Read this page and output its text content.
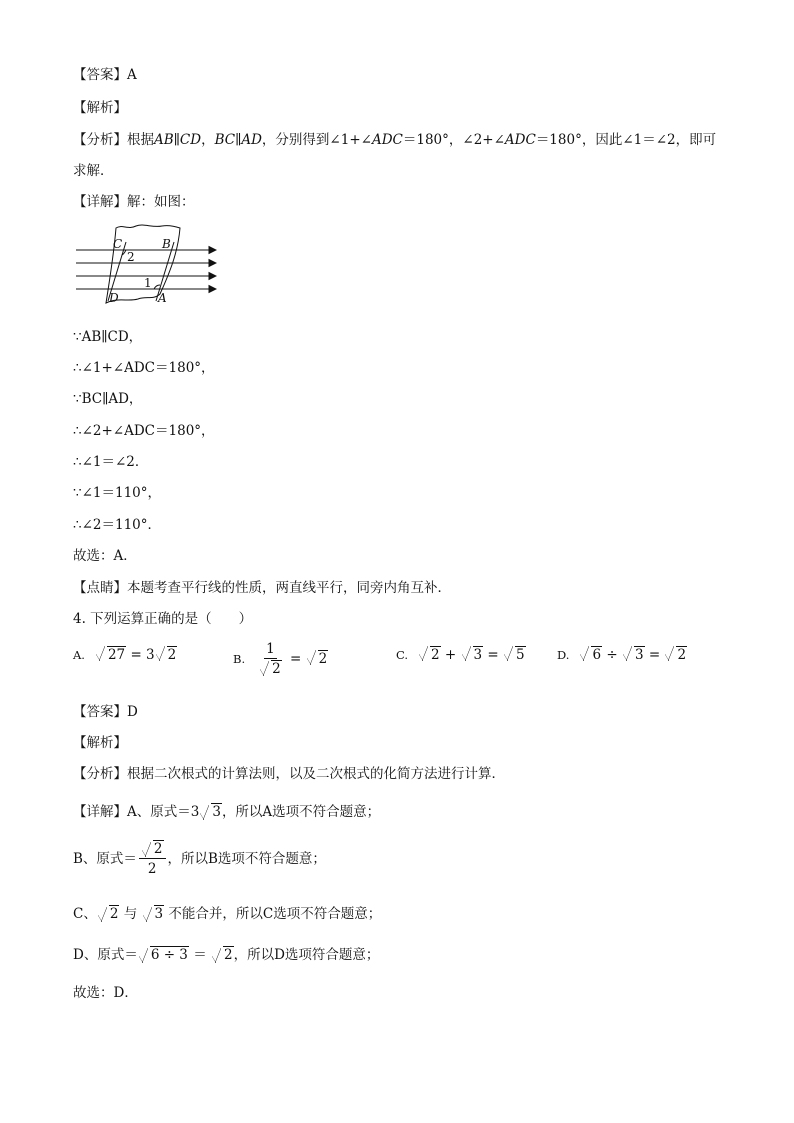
【答案】A
【解析】
【分析】根据AB∥CD，BC∥AD，分别得到∠1+∠ADC＝180°，∠2+∠ADC＝180°，因此∠1＝∠2，即可
求解．
【详解】解：如图：
C	B
2
1
D	A
∵AB∥CD，
∴∠1+∠ADC＝180°，
∵BC∥AD，
∴∠2+∠ADC＝180°，
∴∠1＝∠2．
∵∠1＝110°，
∴∠2＝110°．
故选：A．
【点睛】本题考查平行线的性质，两直线平行，同旁内角互补．
4. 下列运算正确的是（　　）
A. 27 = 3 2	B. $\frac{1}{2} = 2$	C. 2 + 3 = 5	D. 6 ÷ 3 = 2
【答案】D
【解析】
【分析】根据二次根式的计算法则，以及二次根式的化简方法进行计算．
【详解】A、原式＝3 3，所以A选项不符合题意；
B、原式＝ $\frac{2}{2}$ ，所以B选项不符合题意；
C、 2 与 3 不能合并，所以C选项不符合题意；
D、原式＝ 6 ÷ 3 ＝ 2，所以D选项符合题意；
故选：D．
